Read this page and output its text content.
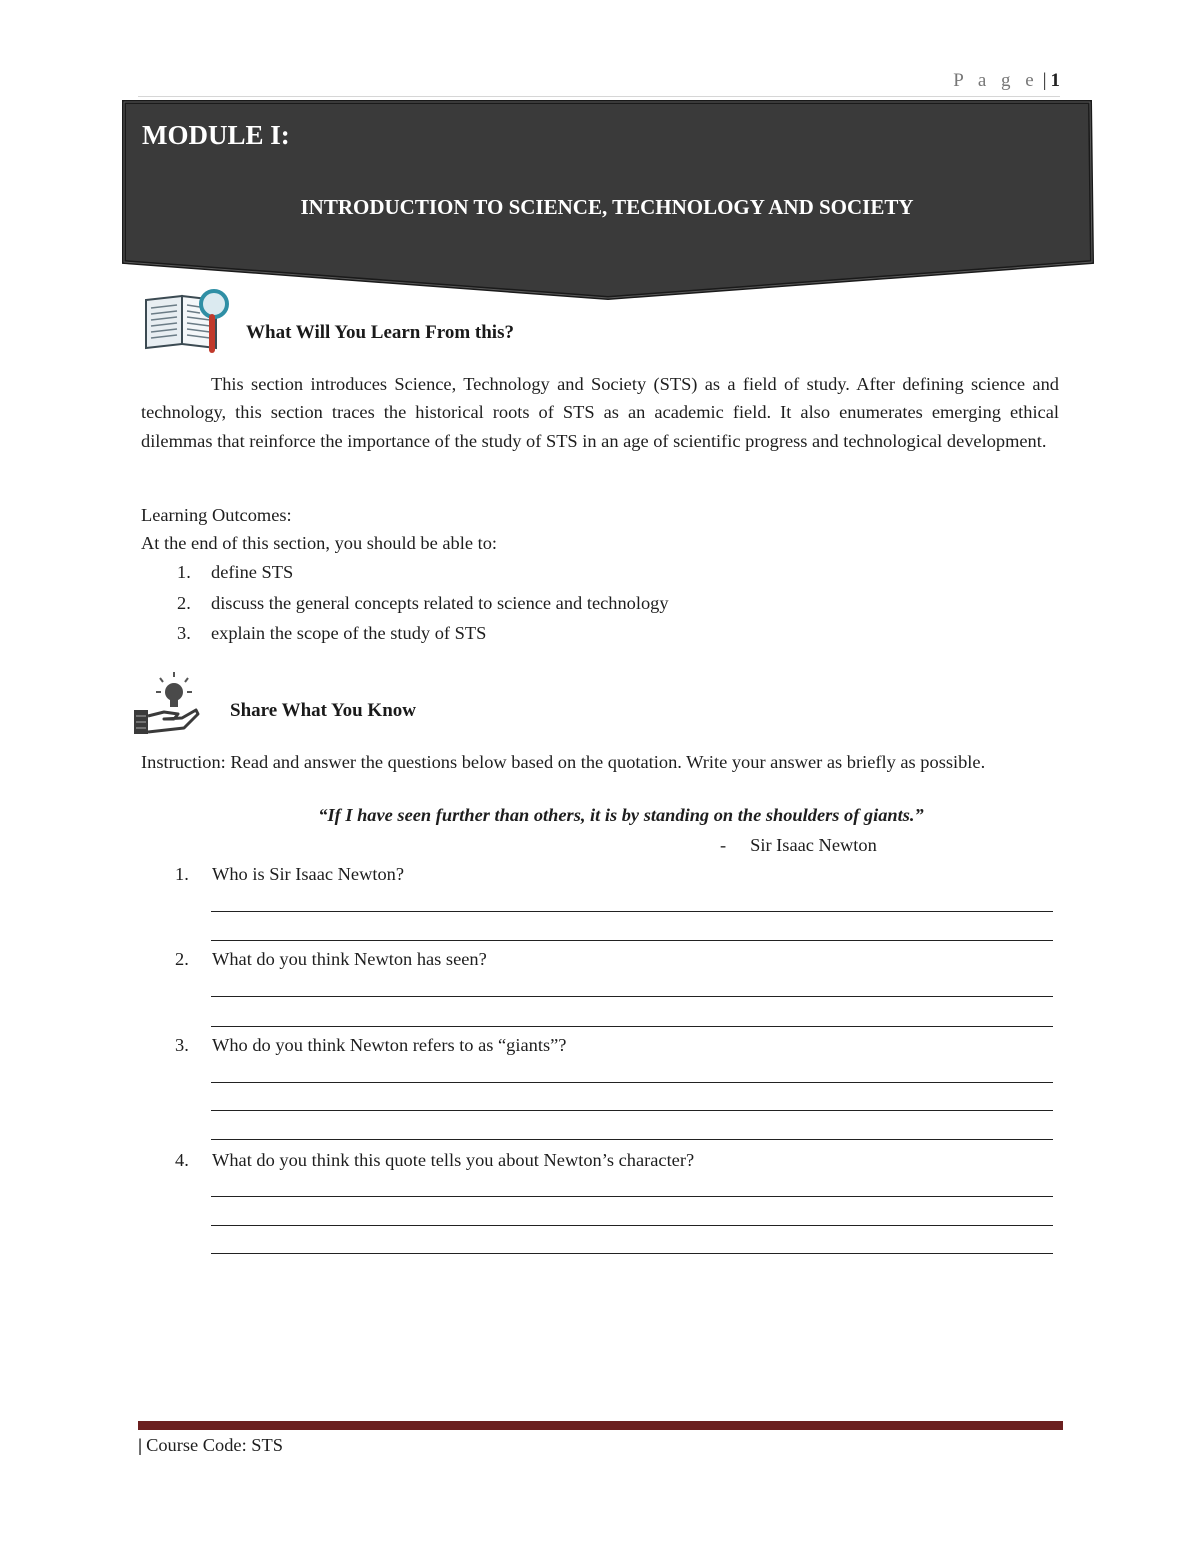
P a g e | 1
MODULE I:
INTRODUCTION TO SCIENCE, TECHNOLOGY AND SOCIETY
What Will You Learn From this?
This section introduces Science, Technology and Society (STS) as a field of study. After defining science and technology, this section traces the historical roots of STS as an academic field. It also enumerates emerging ethical dilemmas that reinforce the importance of the study of STS in an age of scientific progress and technological development.
Learning Outcomes:
At the end of this section, you should be able to:
1.	define STS
2.	discuss the general concepts related to science and technology
3.	explain the scope of the study of STS
Share What You Know
Instruction: Read and answer the questions below based on the quotation. Write your answer as briefly as possible.
“If I have seen further than others, it is by standing on the shoulders of giants.”
- Sir Isaac Newton
1.	Who is Sir Isaac Newton?
2.	What do you think Newton has seen?
3.	Who do you think Newton refers to as “giants”?
4.	What do you think this quote tells you about Newton’s character?
| Course Code: STS
